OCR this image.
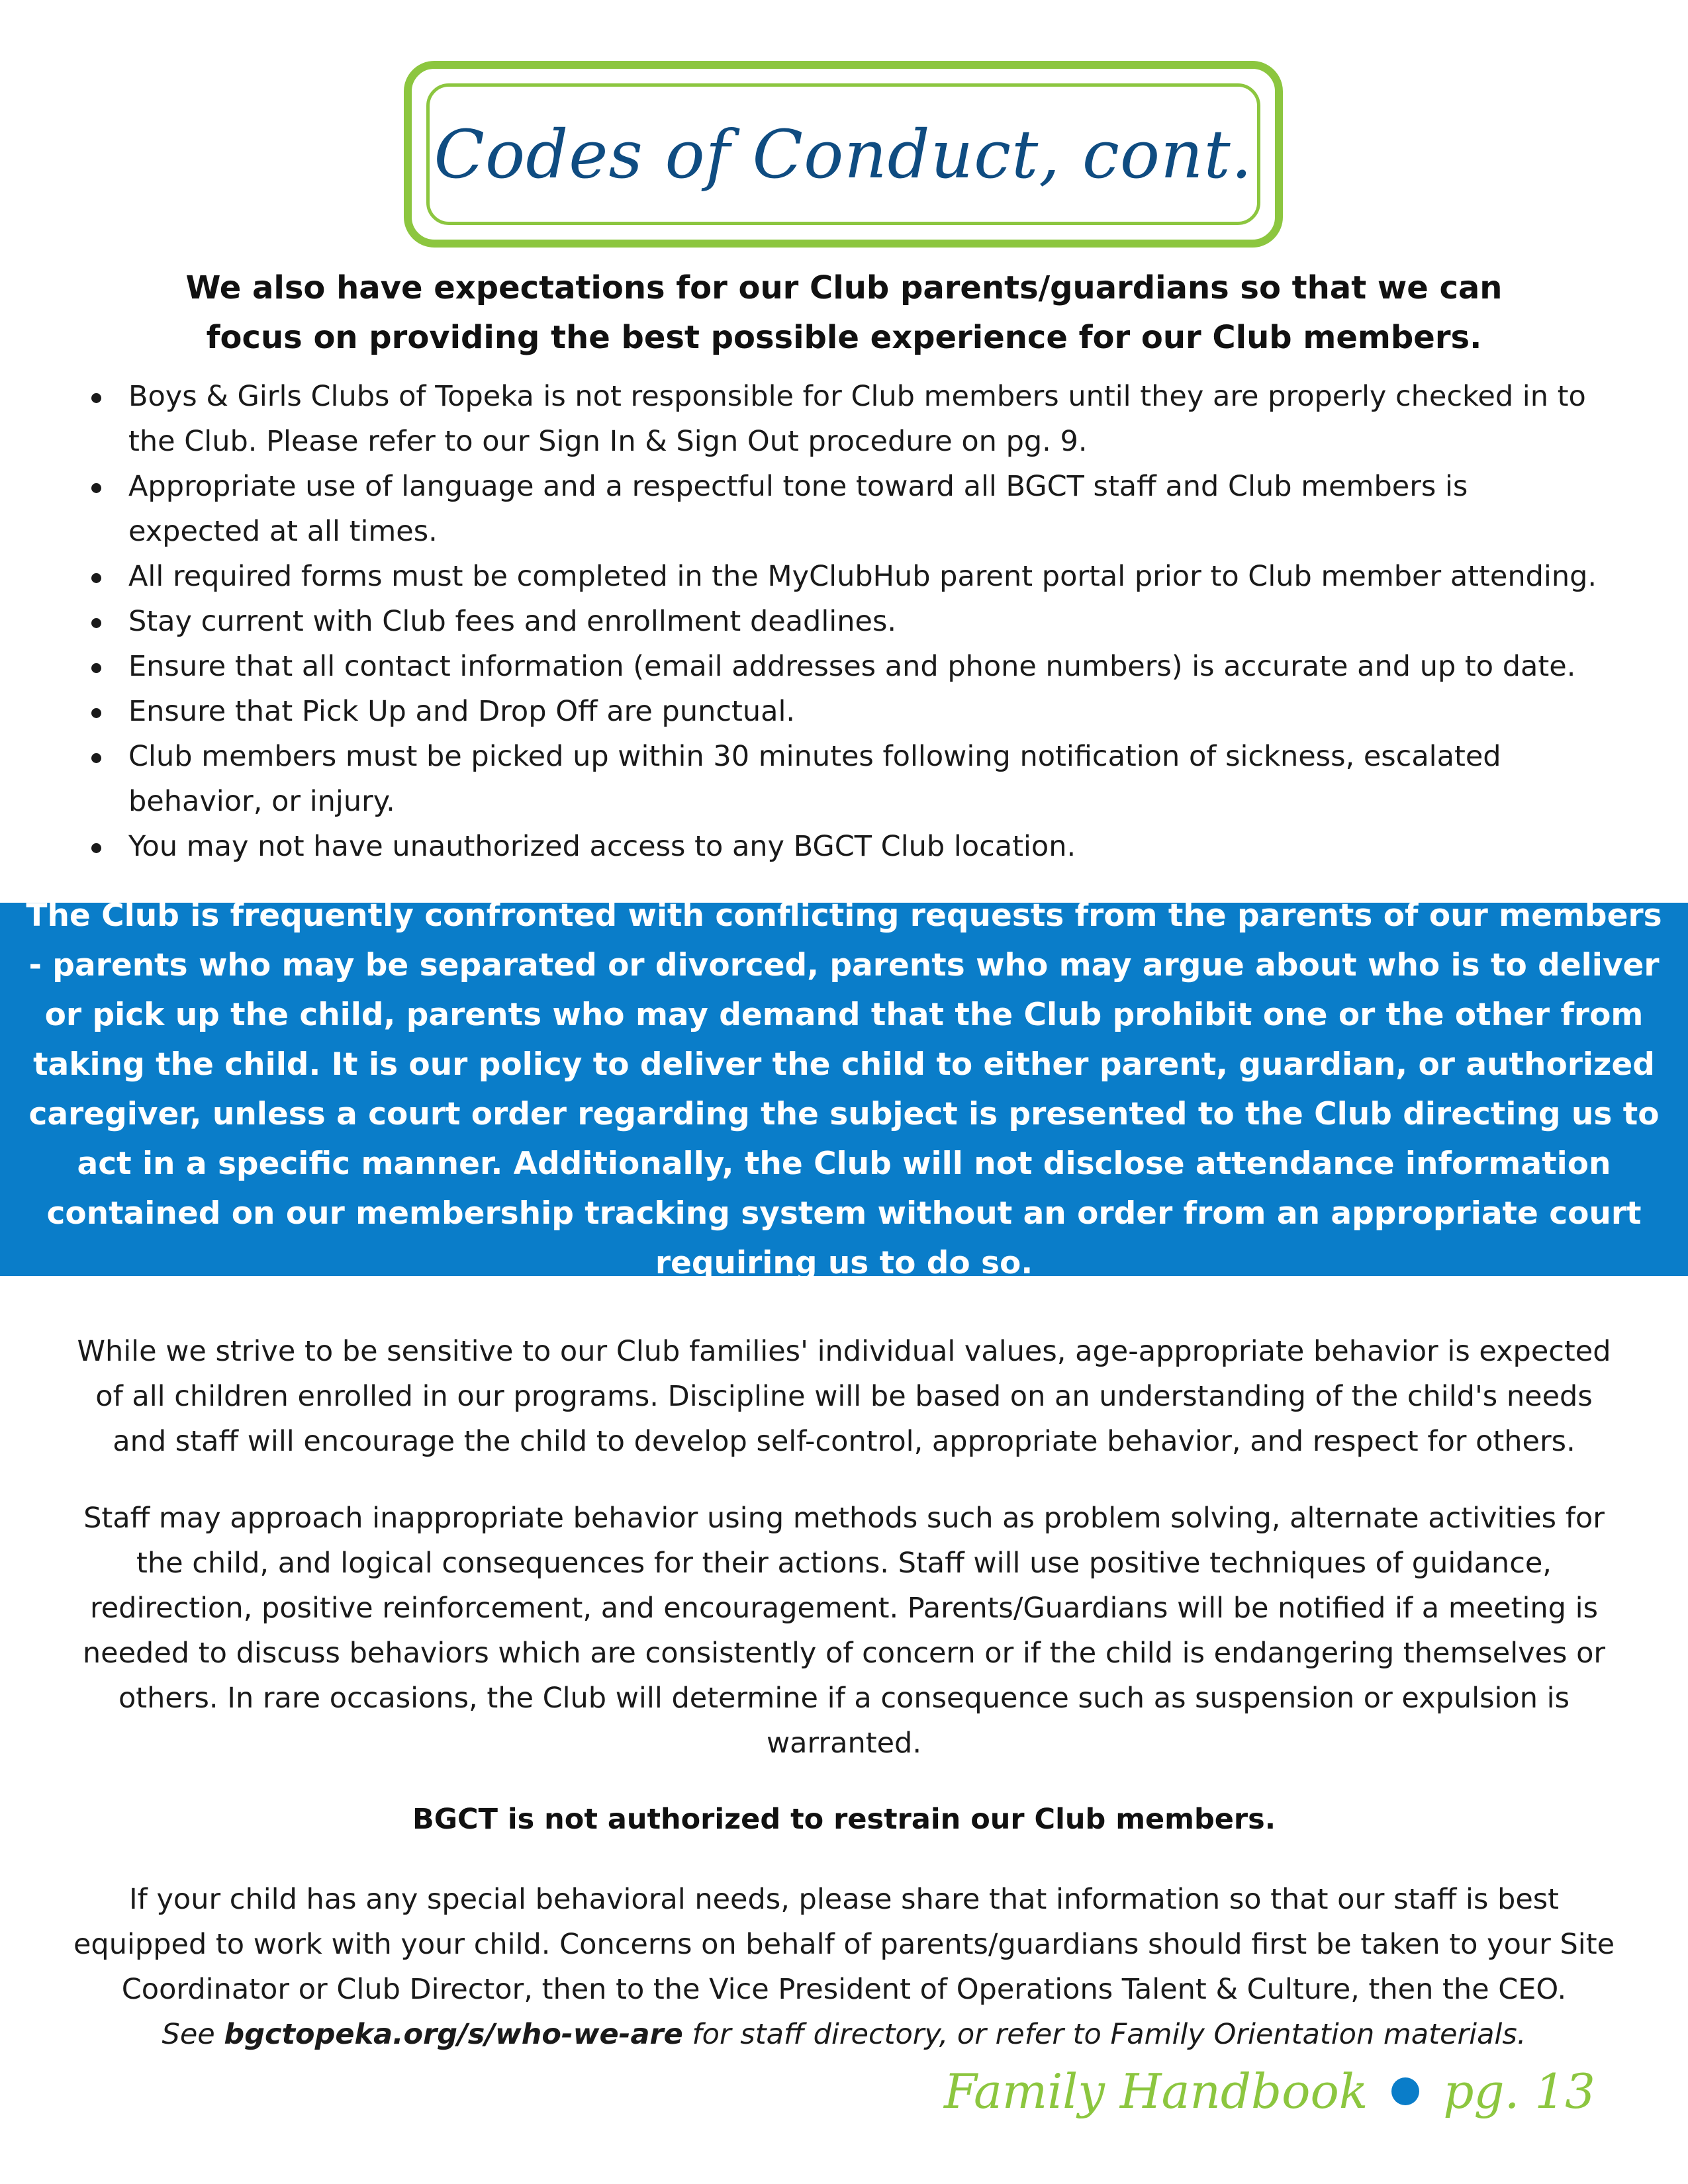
Codes of Conduct, cont.
We also have expectations for our Club parents/guardians so that we can
focus on providing the best possible experience for our Club members.
Boys & Girls Clubs of Topeka is not responsible for Club members until they are properly checked in to the Club. Please refer to our Sign In & Sign Out procedure on pg. 9.
Appropriate use of language and a respectful tone toward all BGCT staff and Club members is expected at all times.
All required forms must be completed in the MyClubHub parent portal prior to Club member attending.
Stay current with Club fees and enrollment deadlines.
Ensure that all contact information (email addresses and phone numbers) is accurate and up to date.
Ensure that Pick Up and Drop Off are punctual.
Club members must be picked up within 30 minutes following notification of sickness, escalated behavior, or injury.
You may not have unauthorized access to any BGCT Club location.
The Club is frequently confronted with conflicting requests from the parents of our members - parents who may be separated or divorced, parents who may argue about who is to deliver or pick up the child, parents who may demand that the Club prohibit one or the other from taking the child. It is our policy to deliver the child to either parent, guardian, or authorized caregiver, unless a court order regarding the subject is presented to the Club directing us to act in a specific manner. Additionally, the Club will not disclose attendance information contained on our membership tracking system without an order from an appropriate court requiring us to do so.
While we strive to be sensitive to our Club families' individual values, age-appropriate behavior is expected of all children enrolled in our programs. Discipline will be based on an understanding of the child's needs and staff will encourage the child to develop self-control, appropriate behavior, and respect for others.
Staff may approach inappropriate behavior using methods such as problem solving, alternate activities for the child, and logical consequences for their actions. Staff will use positive techniques of guidance, redirection, positive reinforcement, and encouragement. Parents/Guardians will be notified if a meeting is needed to discuss behaviors which are consistently of concern or if the child is endangering themselves or others. In rare occasions, the Club will determine if a consequence such as suspension or expulsion is warranted.
BGCT is not authorized to restrain our Club members.
If your child has any special behavioral needs, please share that information so that our staff is best equipped to work with your child. Concerns on behalf of parents/guardians should first be taken to your Site Coordinator or Club Director, then to the Vice President of Operations Talent & Culture, then the CEO.
See bgctopeka.org/s/who-we-are for staff directory, or refer to Family Orientation materials.
Family Handbook pg. 13
